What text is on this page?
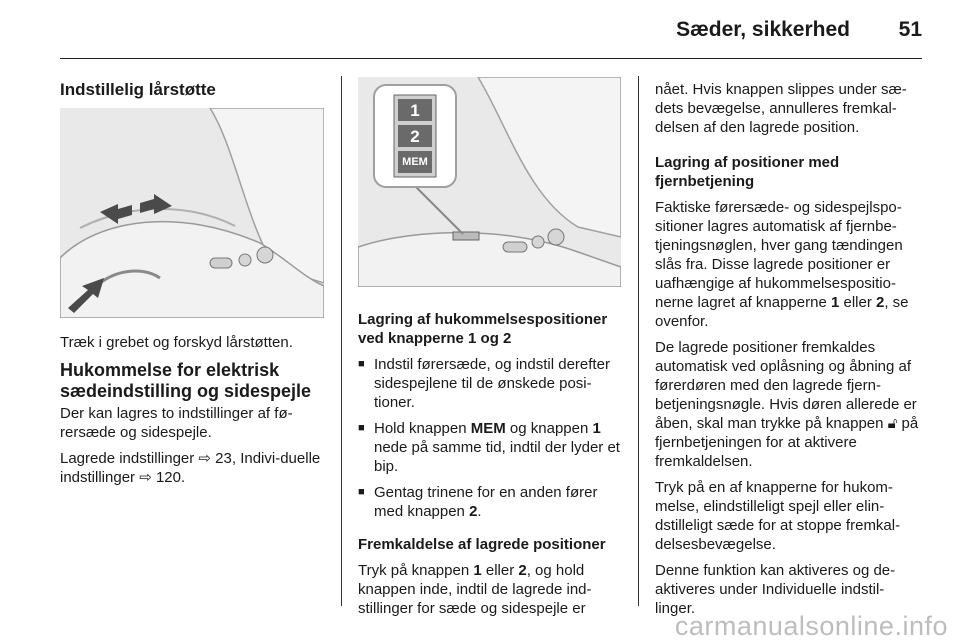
Sæder, sikkerhed 51
Indstillelig lårstøtte

Træk i grebet og forskyd lårstøtten.

Hukommelse for elektrisk sædeindstilling og sidespejle

Der kan lagres to indstillinger af fø-rersæde og sidespejle.

Lagrede indstillinger ⇨ 23, Indivi-duelle indstillinger ⇨ 120.

1
2
MEM

Lagring af hukommelsespositioner ved knapperne 1 og 2

■ Indstil førersæde, og indstil derefter sidespejlene til de ønskede posi-tioner.
■ Hold knappen MEM og knappen 1 nede på samme tid, indtil der lyder et bip.
■ Gentag trinene for en anden fører med knappen 2.

Fremkaldelse af lagrede positioner

Tryk på knappen 1 eller 2, og hold knappen inde, indtil de lagrede ind-stillinger for sæde og sidespejle er

nået. Hvis knappen slippes under sæ-dets bevægelse, annulleres fremkal-delsen af den lagrede position.

Lagring af positioner med fjernbetjening

Faktiske førersæde- og sidespejlspo-sitioner lagres automatisk af fjernbe-tjeningsnøglen, hver gang tændingen slås fra. Disse lagrede positioner er uafhængige af hukommelsespositio-nerne lagret af knapperne 1 eller 2, se ovenfor.

De lagrede positioner fremkaldes automatisk ved oplåsning og åbning af førerdøren med den lagrede fjern-betjeningsnøgle. Hvis døren allerede er åben, skal man trykke på knappen 🔓︎ på fjernbetjeningen for at aktivere fremkaldelsen.

Tryk på en af knapperne for hukom-melse, elindstilleligt spejl eller elin-dstilleligt sæde for at stoppe fremkal-delsesbevægelse.

Denne funktion kan aktiveres og de-aktiveres under Individuelle indstil-linger.

carmanualsonline.info
